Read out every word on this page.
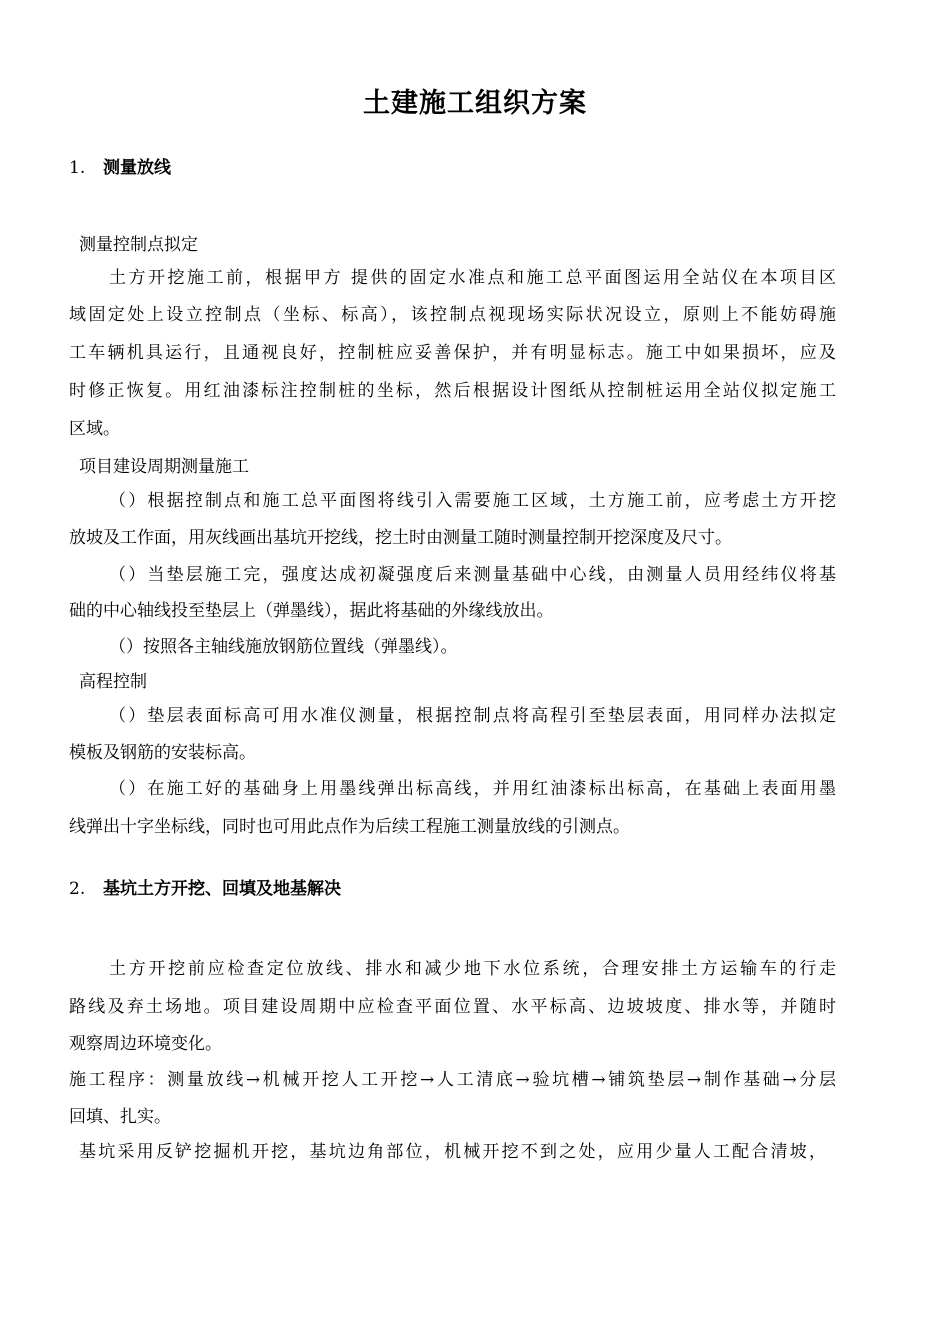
土建施工组织方案
1. 测量放线
测量控制点拟定
土方开挖施工前，根据甲方 提供的固定水准点和施工总平面图运用全站仪在本项目区
域固定处上设立控制点（坐标、标高），该控制点视现场实际状况设立，原则上不能妨碍施
工车辆机具运行，且通视良好，控制桩应妥善保护，并有明显标志。施工中如果损坏，应及
时修正恢复。用红油漆标注控制桩的坐标，然后根据设计图纸从控制桩运用全站仪拟定施工
区域。
项目建设周期测量施工
（）根据控制点和施工总平面图将线引入需要施工区域，土方施工前，应考虑土方开挖
放坡及工作面，用灰线画出基坑开挖线，挖土时由测量工随时测量控制开挖深度及尺寸。
（）当垫层施工完，强度达成初凝强度后来测量基础中心线，由测量人员用经纬仪将基
础的中心轴线投至垫层上（弹墨线），据此将基础的外缘线放出。
（）按照各主轴线施放钢筋位置线（弹墨线）。
高程控制
（）垫层表面标高可用水准仪测量，根据控制点将高程引至垫层表面，用同样办法拟定
模板及钢筋的安装标高。
（）在施工好的基础身上用墨线弹出标高线，并用红油漆标出标高，在基础上表面用墨
线弹出十字坐标线，同时也可用此点作为后续工程施工测量放线的引测点。
2. 基坑土方开挖、回填及地基解决
土方开挖前应检查定位放线、排水和减少地下水位系统，合理安排土方运输车的行走
路线及弃土场地。项目建设周期中应检查平面位置、水平标高、边坡坡度、排水等，并随时
观察周边环境变化。
施工程序：测量放线→机械开挖人工开挖→人工清底→验坑槽→铺筑垫层→制作基础→分层
回填、扎实。
基坑采用反铲挖掘机开挖，基坑边角部位，机械开挖不到之处，应用少量人工配合清坡，
